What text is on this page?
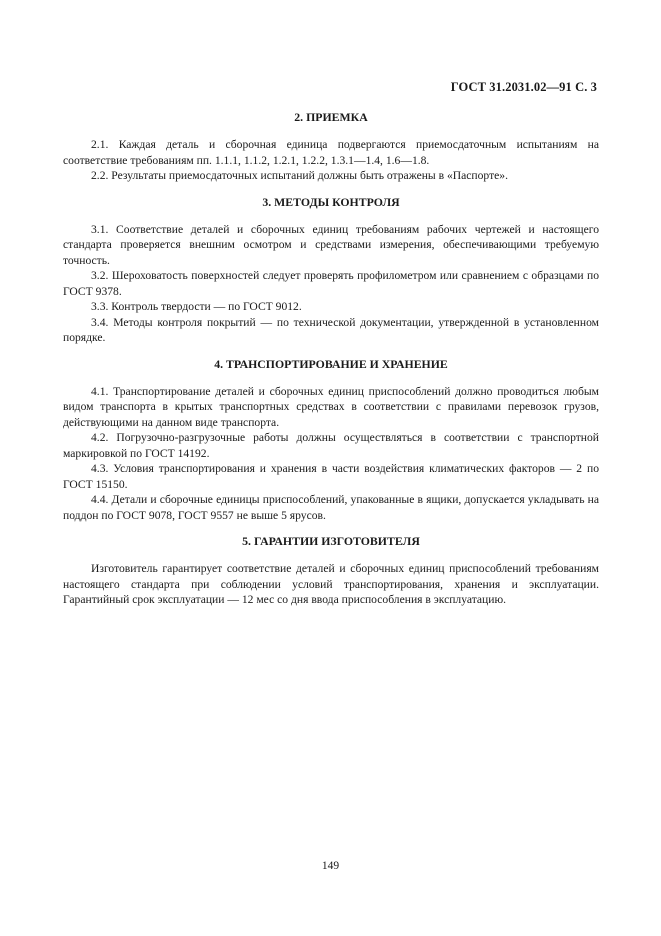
ГОСТ 31.2031.02—91 С. 3
2. ПРИЕМКА

2.1. Каждая деталь и сборочная единица подвергаются приемосдаточным испытаниям на соответствие требованиям пп. 1.1.1, 1.1.2, 1.2.1, 1.2.2, 1.3.1—1.4, 1.6—1.8.

2.2. Результаты приемосдаточных испытаний должны быть отражены в «Паспорте».

3. МЕТОДЫ КОНТРОЛЯ

3.1. Соответствие деталей и сборочных единиц требованиям рабочих чертежей и настоящего стандарта проверяется внешним осмотром и средствами измерения, обеспечивающими требуемую точность.

3.2. Шероховатость поверхностей следует проверять профилометром или сравнением с образцами по ГОСТ 9378.

3.3. Контроль твердости — по ГОСТ 9012.

3.4. Методы контроля покрытий — по технической документации, утвержденной в установленном порядке.

4. ТРАНСПОРТИРОВАНИЕ И ХРАНЕНИЕ

4.1. Транспортирование деталей и сборочных единиц приспособлений должно проводиться любым видом транспорта в крытых транспортных средствах в соответствии с правилами перевозок грузов, действующими на данном виде транспорта.

4.2. Погрузочно-разгрузочные работы должны осуществляться в соответствии с транспортной маркировкой по ГОСТ 14192.

4.3. Условия транспортирования и хранения в части воздействия климатических факторов — 2 по ГОСТ 15150.

4.4. Детали и сборочные единицы приспособлений, упакованные в ящики, допускается укладывать на поддон по ГОСТ 9078, ГОСТ 9557 не выше 5 ярусов.

5. ГАРАНТИИ ИЗГОТОВИТЕЛЯ

Изготовитель гарантирует соответствие деталей и сборочных единиц приспособлений требованиям настоящего стандарта при соблюдении условий транспортирования, хранения и эксплуатации. Гарантийный срок эксплуатации — 12 мес со дня ввода приспособления в эксплуатацию.

149
